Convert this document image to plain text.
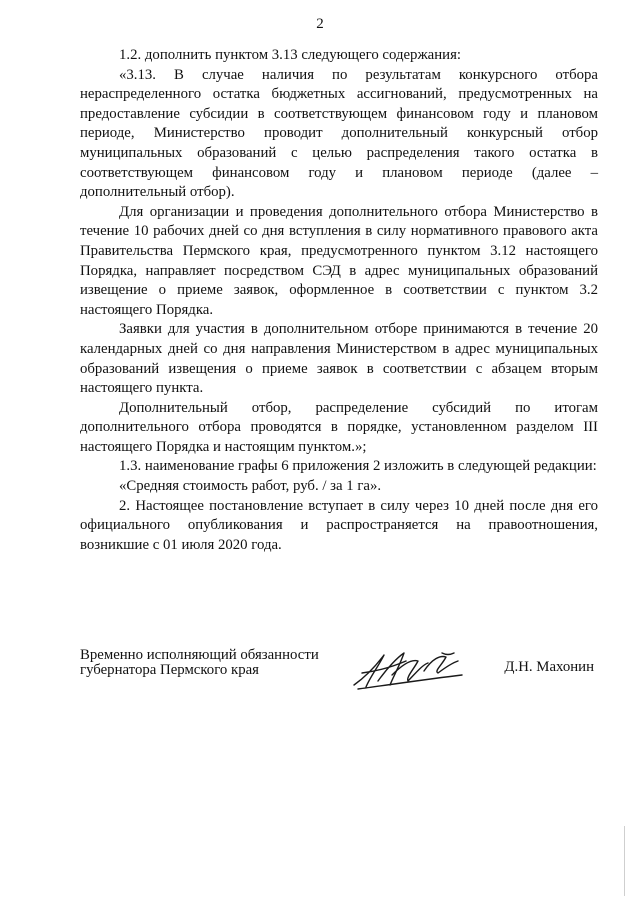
2

1.2. дополнить пунктом 3.13 следующего содержания:

«3.13. В случае наличия по результатам конкурсного отбора нераспределенного остатка бюджетных ассигнований, предусмотренных на предоставление субсидии в соответствующем финансовом году и плановом периоде, Министерство проводит дополнительный конкурсный отбор муниципальных образований с целью распределения такого остатка в соответствующем финансовом году и плановом периоде (далее – дополнительный отбор).

Для организации и проведения дополнительного отбора Министерство в течение 10 рабочих дней со дня вступления в силу нормативного правового акта Правительства Пермского края, предусмотренного пунктом 3.12 настоящего Порядка, направляет посредством СЭД в адрес муниципальных образований извещение о приеме заявок, оформленное в соответствии с пунктом 3.2 настоящего Порядка.

Заявки для участия в дополнительном отборе принимаются в течение 20 календарных дней со дня направления Министерством в адрес муниципальных образований извещения о приеме заявок в соответствии с абзацем вторым настоящего пункта.

Дополнительный отбор, распределение субсидий по итогам дополнительного отбора проводятся в порядке, установленном разделом III настоящего Порядка и настоящим пунктом.»;

1.3. наименование графы 6 приложения 2 изложить в следующей редакции:

«Средняя стоимость работ, руб. / за 1 га».

2. Настоящее постановление вступает в силу через 10 дней после дня его официального опубликования и распространяется на правоотношения, возникшие с 01 июля 2020 года.

Временно исполняющий обязанности
губернатора Пермского края	Д.Н. Махонин
